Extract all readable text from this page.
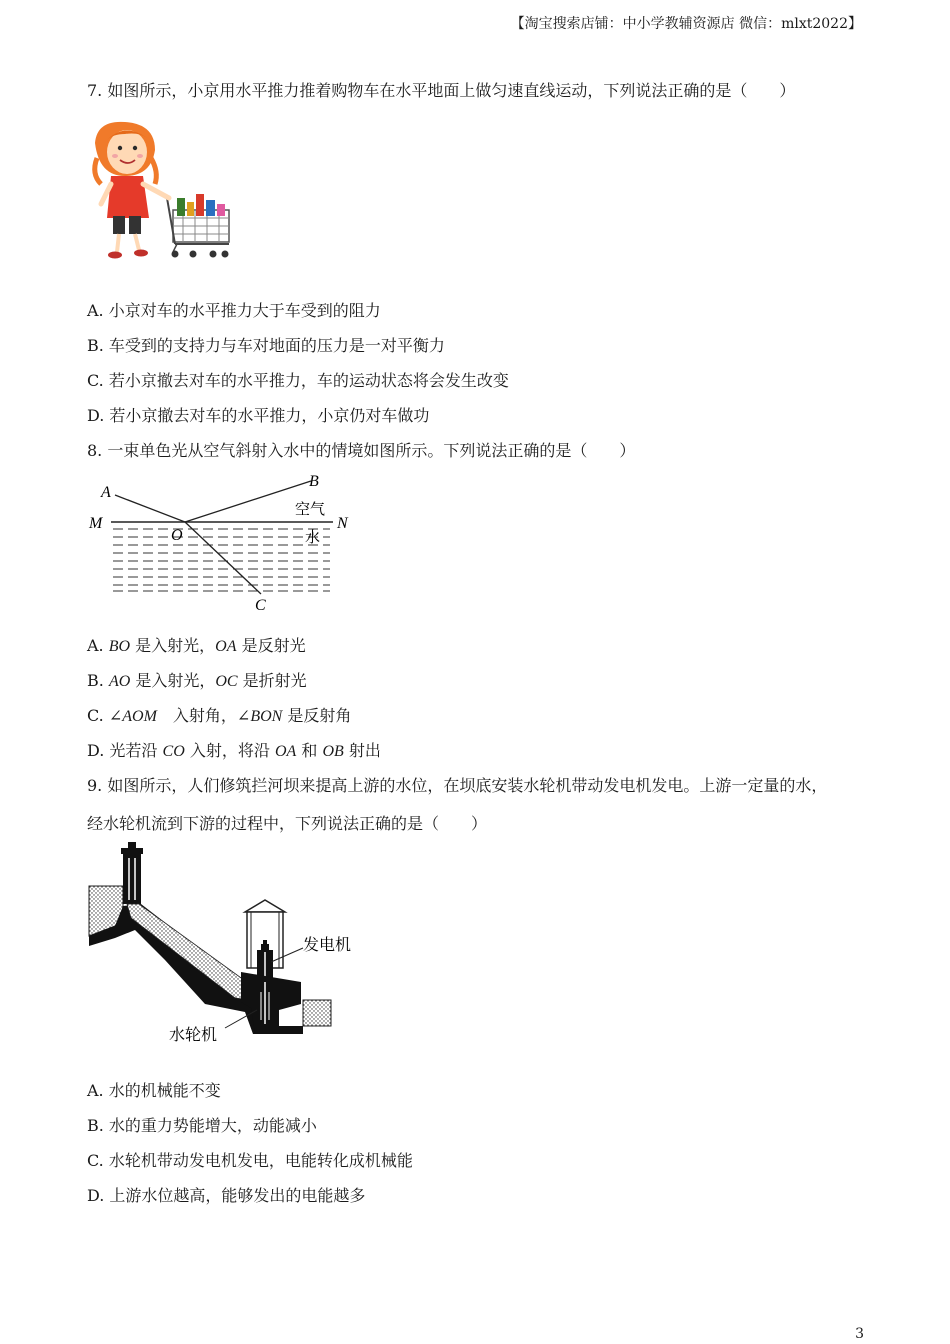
【淘宝搜索店铺：中小学教辅资源店 微信：mlxt2022】
7. 如图所示，小京用水平推力推着购物车在水平地面上做匀速直线运动，下列说法正确的是（　　）
A. 小京对车的水平推力大于车受到的阻力
B. 车受到的支持力与车对地面的压力是一对平衡力
C. 若小京撤去对车的水平推力，车的运动状态将会发生改变
D. 若小京撤去对车的水平推力，小京仍对车做功
8. 一束单色光从空气斜射入水中的情境如图所示。下列说法正确的是（　　）
A
B
C
M	N
O
空气
水
A. BO 是入射光，OA 是反射光
B. AO 是入射光，OC 是折射光
C. ∠AOM　入射角，∠BON 是反射角
D. 光若沿 CO 入射，将沿 OA 和 OB 射出
9. 如图所示，人们修筑拦河坝来提高上游的水位，在坝底安装水轮机带动发电机发电。上游一定量的水，
经水轮机流到下游的过程中，下列说法正确的是（　　）
发电机
水轮机
A. 水的机械能不变
B. 水的重力势能增大，动能减小
C. 水轮机带动发电机发电，电能转化成机械能
D. 上游水位越高，能够发出的电能越多
3
